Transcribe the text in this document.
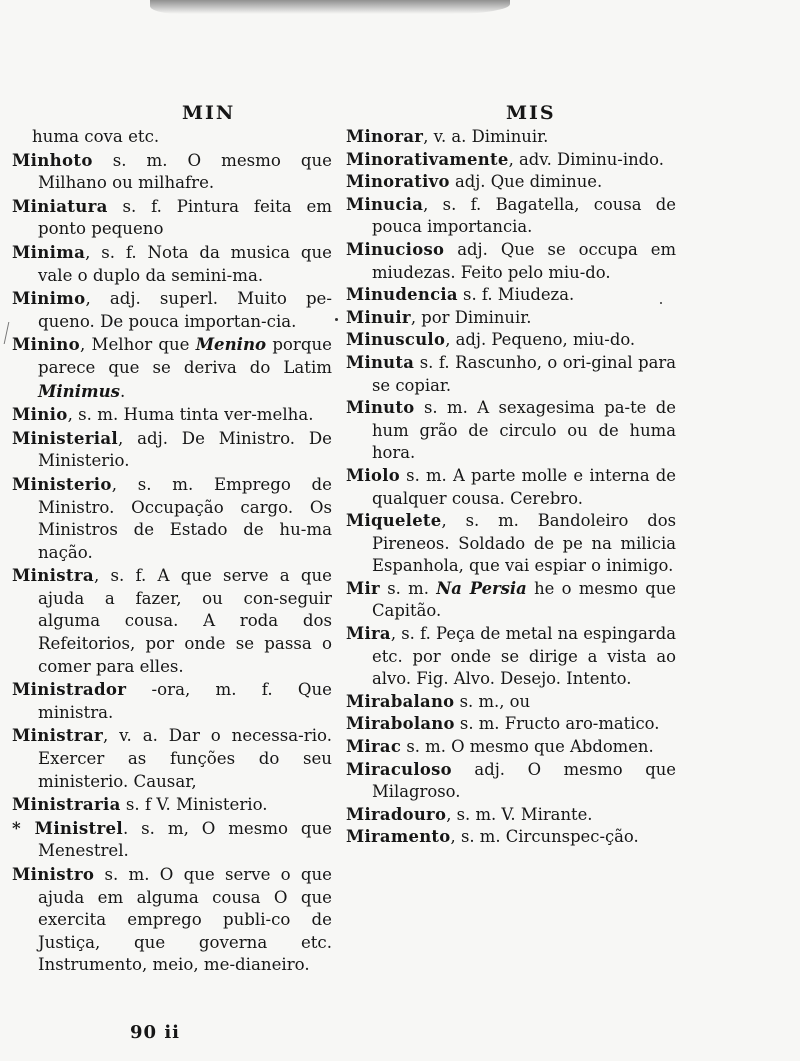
MIN
huma cova etc.
Minhoto s. m. O mesmo que Milhano ou milhafre.
Miniatura s. f. Pintura feita em ponto pequeno
Minima, s. f. Nota da musica que vale o duplo da semini-ma.
Minimo, adj. superl. Muito pe-queno. De pouca importan-cia.
Minino, Melhor que Menino porque parece que se deriva do Latim Minimus.
Minio, s. m. Huma tinta ver-melha.
Ministerial, adj. De Ministro. De Ministerio.
Ministerio, s. m. Emprego de Ministro. Occupação cargo. Os Ministros de Estado de hu-ma nação.
Ministra, s. f. A que serve a que ajuda a fazer, ou con-seguir alguma cousa. A roda dos Refeitorios, por onde se passa o comer para elles.
Ministrador -ora, m. f. Que ministra.
Ministrar, v. a. Dar o necessa-rio. Exercer as funções do seu ministerio. Causar,
Ministraria s. f V. Ministerio.
* Ministrel. s. m, O mesmo que Menestrel.
Ministro s. m. O que serve o que ajuda em alguma cousa O que exercita emprego publi-co de Justiça, que governa etc. Instrumento, meio, me-dianeiro.
MIS
Minorar, v. a. Diminuir.
Minorativamente, adv. Diminu-indo.
Minorativo adj. Que diminue.
Minucia, s. f. Bagatella, cousa de pouca importancia.
Minucioso adj. Que se occupa em miudezas. Feito pelo miu-do.
Minudencia s. f. Miudeza.
Minuir, por Diminuir.
Minusculo, adj. Pequeno, miu-do.
Minuta s. f. Rascunho, o ori-ginal para se copiar.
Minuto s. m. A sexagesima pa-te de hum grão de circulo ou de huma hora.
Miolo s. m. A parte molle e interna de qualquer cousa. Cerebro.
Miquelete, s. m. Bandoleiro dos Pireneos. Soldado de pe na milicia Espanhola, que vai espiar o inimigo.
Mir s. m. Na Persia he o mesmo que Capitão.
Mira, s. f. Peça de metal na espingarda etc. por onde se dirige a vista ao alvo. Fig. Alvo. Desejo. Intento.
Mirabalano s. m., ou
Mirabolano s. m. Fructo aro-matico.
Mirac s. m. O mesmo que Abdomen.
Miraculoso adj. O mesmo que Milagroso.
Miradouro, s. m. V. Mirante.
Miramento, s. m. Circunspec-ção.
90 ii
